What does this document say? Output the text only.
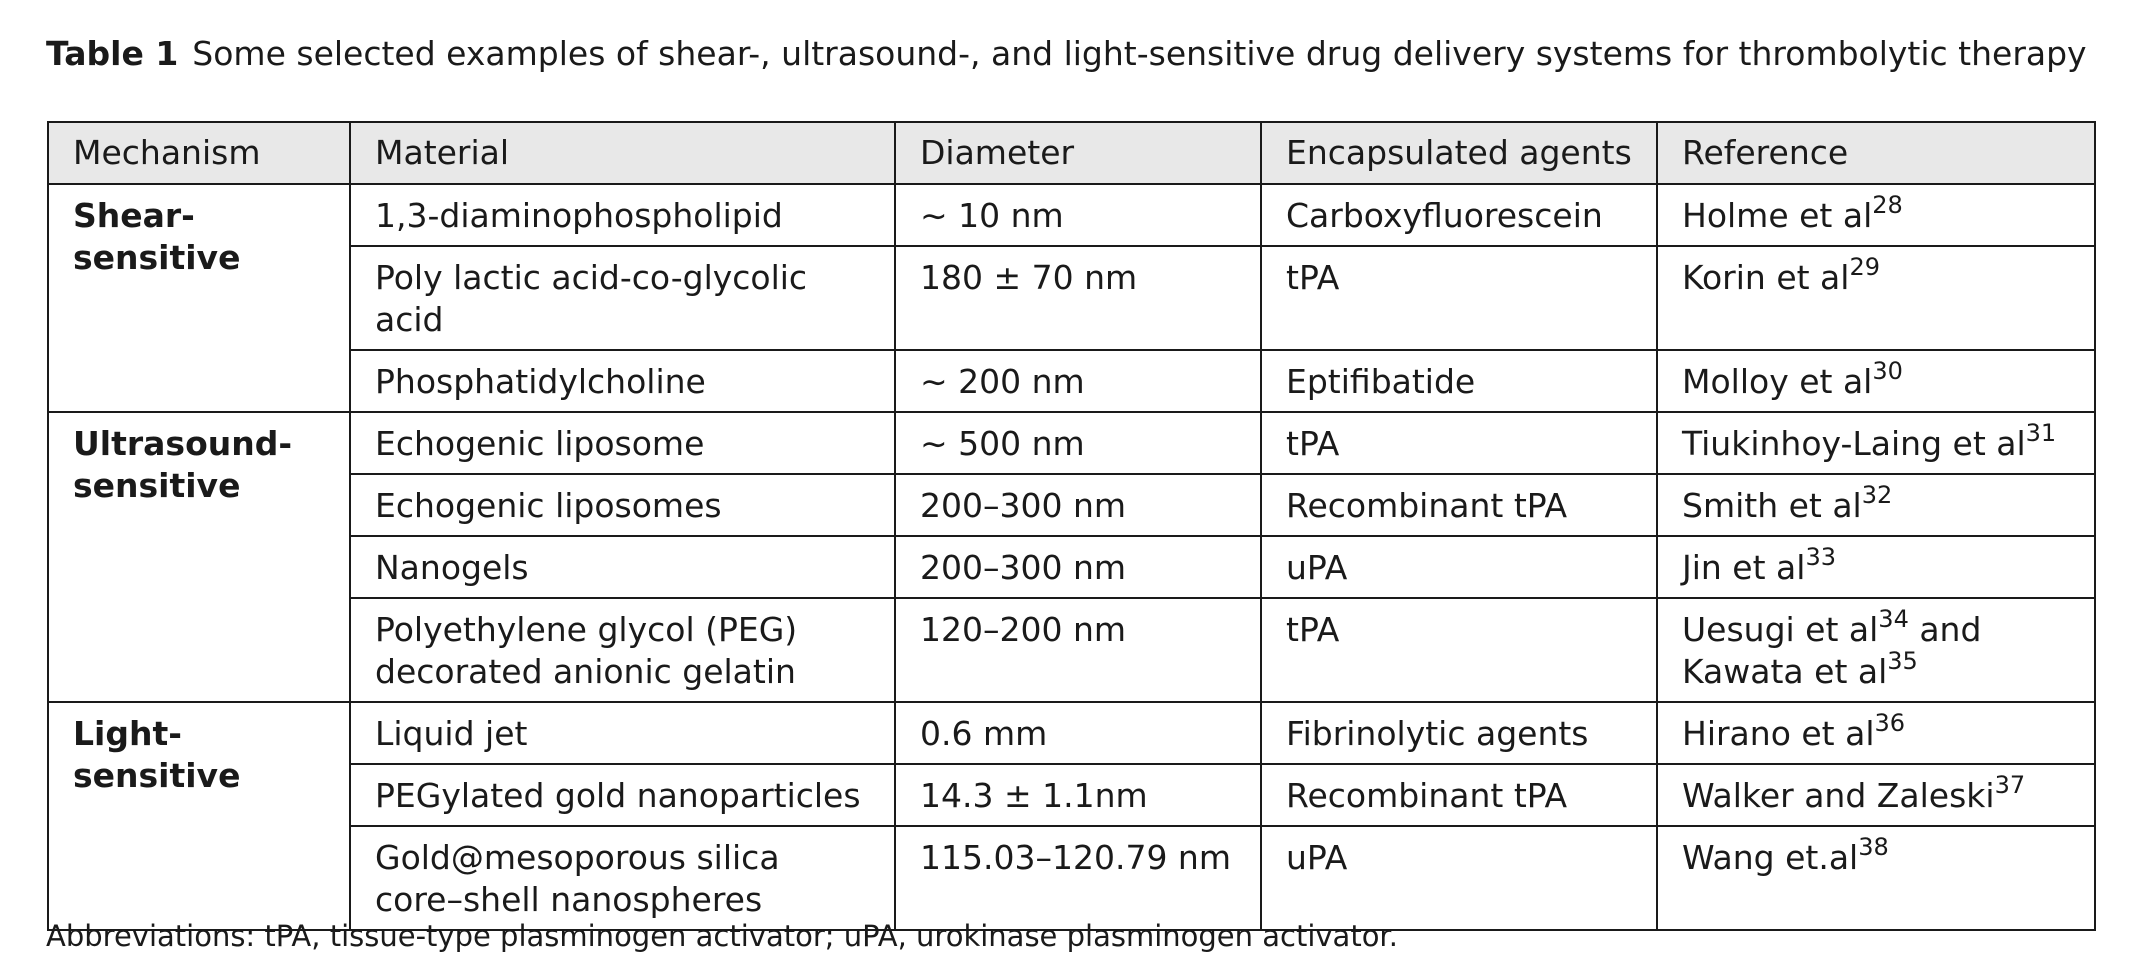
Table 1 Some selected examples of shear-, ultrasound-, and light-sensitive drug delivery systems for thrombolytic therapy
Mechanism	Material	Diameter	Encapsulated agents	Reference
Shear-sensitive	1,3-diaminophospholipid	∼ 10 nm	Carboxyfluorescein	Holme et $al^{28}$
	Poly lactic acid-co-glycolic acid	180 ± 70 nm	tPA	Korin et $al^{29}$
	Phosphatidylcholine	∼ 200 nm	Eptifibatide	Molloy et $al^{30}$

Ultrasound-sensitive	Echogenic liposome	∼ 500 nm	tPA	Tiukinhoy-Laing et $al^{31}$
	Echogenic liposomes	200–300 nm	Recombinant tPA	Smith et $al^{32}$
	Nanogels	200–300 nm	uPA	Jin et $al^{33}$
	Polyethylene glycol (PEG) decorated anionic gelatin	120–200 nm	tPA	Uesugi et $al^{34}$ and Kawata et $al^{35}$
Light-sensitive	Liquid jet	0.6 mm	Fibrinolytic agents	Hirano et $al^{36}$
	PEGylated gold nanoparticles	14.3 ± 1.1nm	Recombinant tPA	Walker and Zaleski$^{37}$
	Gold@mesoporous silica core–shell nanospheres	115.03–120.79 nm	uPA	Wang $et.al^{38}$
Abbreviations: tPA, tissue-type plasminogen activator; uPA, urokinase plasminogen activator.
